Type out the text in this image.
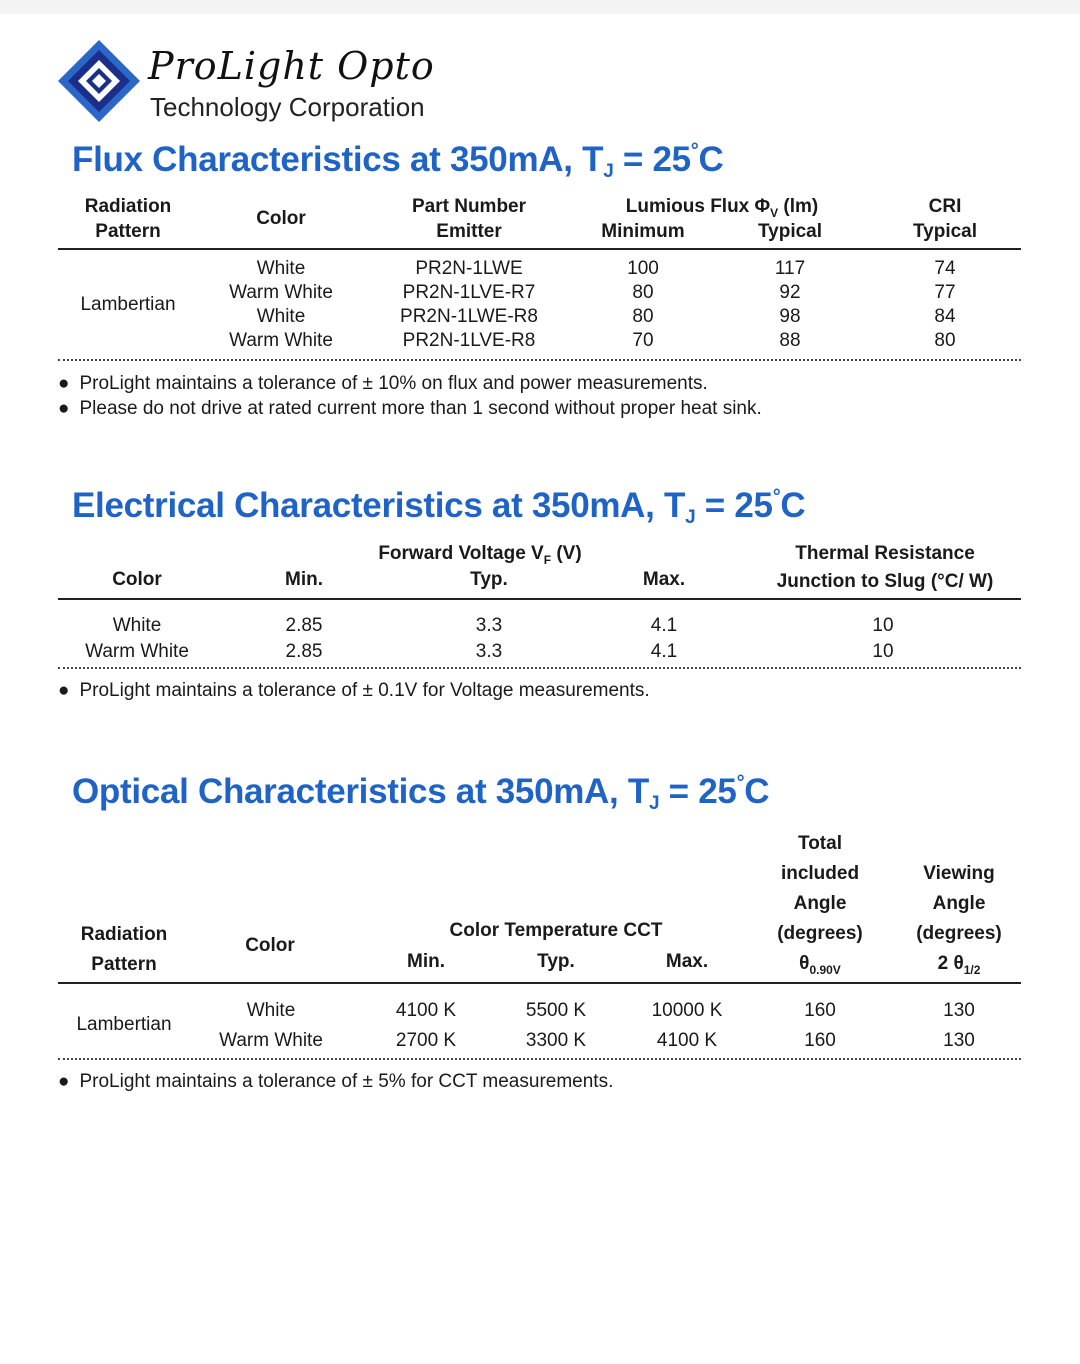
ProLight Opto
Technology Corporation
Flux Characteristics at 350mA, $T_J = 25^\circ C$
Radiation
Pattern
Color
Part Number
Emitter
Lumious Flux $\Phi_V$ (lm)
Minimum	Typical
CRI
Typical
Lambertian
White	PR2N-1LWE	100	117	74
Warm White	PR2N-1LVE-R7	80	92	77
White	PR2N-1LWE-R8	80	98	84
Warm White	PR2N-1LVE-R8	70	88	80
● ProLight maintains a tolerance of ± 10% on flux and power measurements.
● Please do not drive at rated current more than 1 second without proper heat sink.
Electrical Characteristics at 350mA, $T_J = 25^\circ C$
Forward Voltage $V_F$ (V)
Color	Min.	Typ.	Max.
Thermal Resistance
Junction to Slug (°C/ W)
White	2.85	3.3	4.1	10
Warm White	2.85	3.3	4.1	10
● ProLight maintains a tolerance of ± 0.1V for Voltage measurements.
Optical Characteristics at 350mA, $T_J = 25^\circ C$
Radiation
Pattern
Color
Color Temperature CCT
Min.	Typ.	Max.
Total
included
Angle
(degrees)
$\theta_{0.90V}$
Viewing
Angle
(degrees)
2 $\theta_{1/2}$
Lambertian
White	4100 K	5500 K	10000 K	160	130
Warm White	2700 K	3300 K	4100 K	160	130
● ProLight maintains a tolerance of ± 5% for CCT measurements.
